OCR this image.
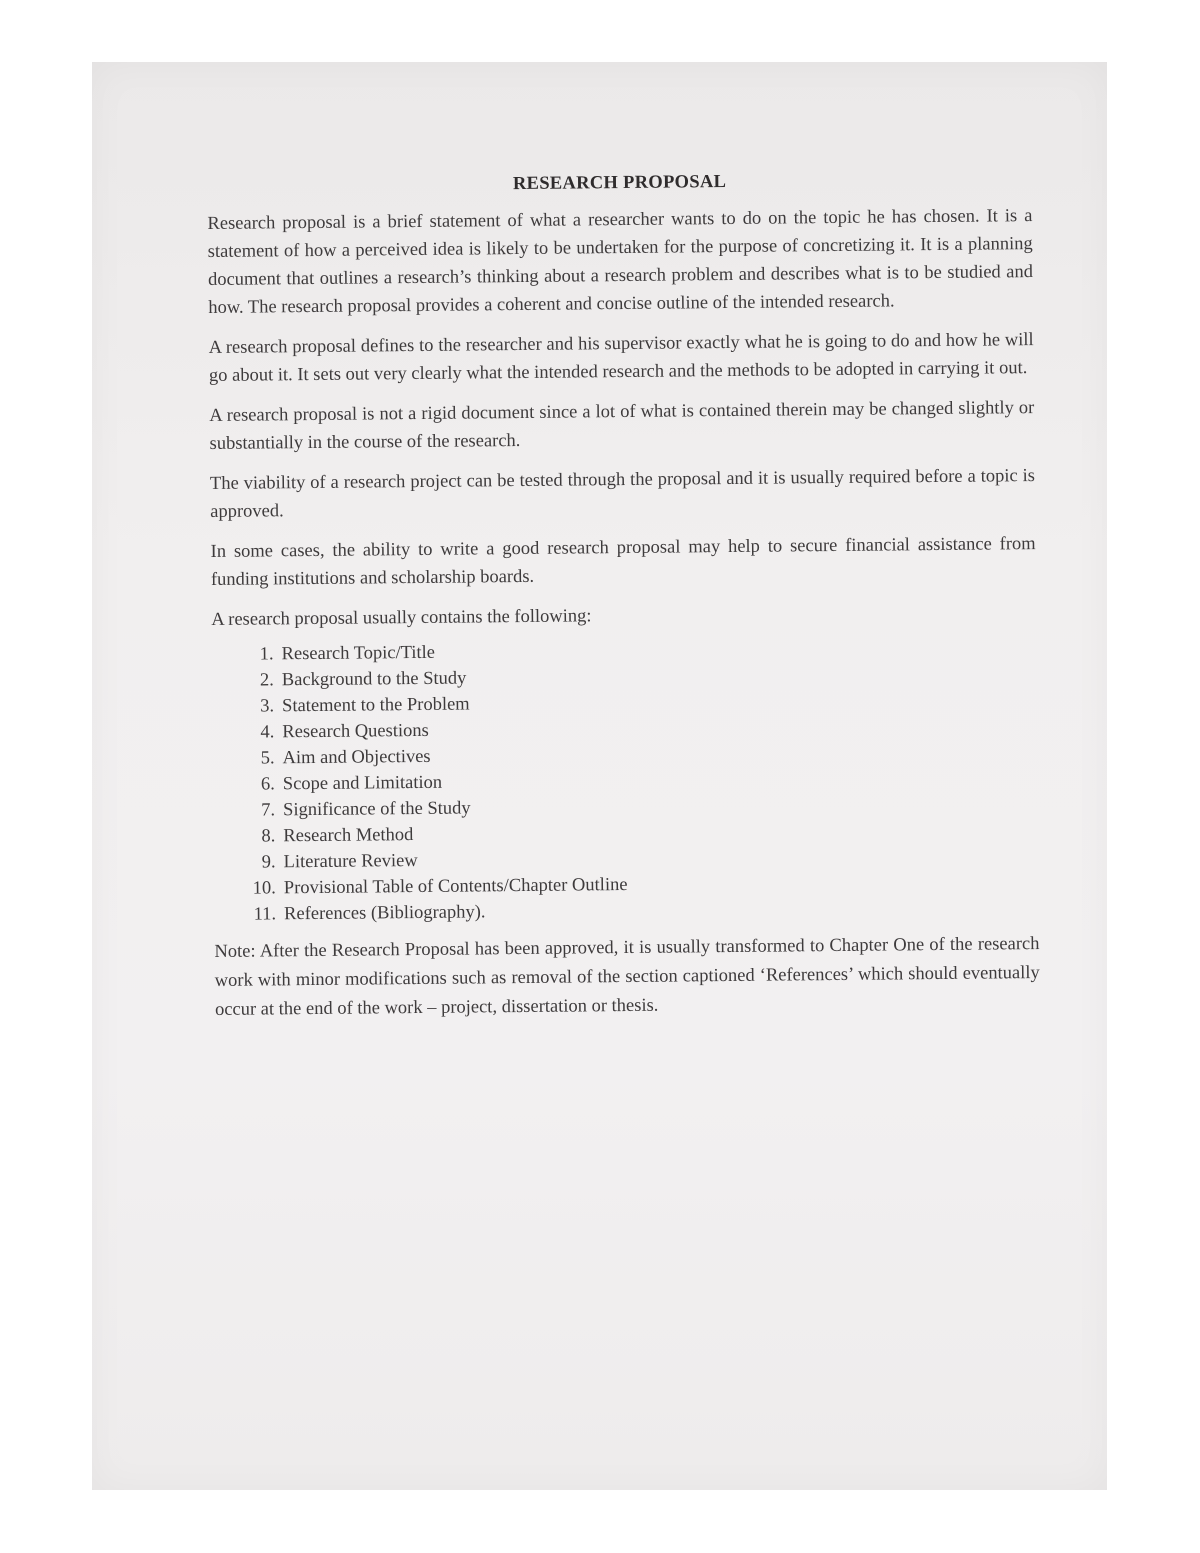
RESEARCH PROPOSAL

Research proposal is a brief statement of what a researcher wants to do on the topic he has chosen. It is a statement of how a perceived idea is likely to be undertaken for the purpose of concretizing it. It is a planning document that outlines a research’s thinking about a research problem and describes what is to be studied and how. The research proposal provides a coherent and concise outline of the intended research.

A research proposal defines to the researcher and his supervisor exactly what he is going to do and how he will go about it. It sets out very clearly what the intended research and the methods to be adopted in carrying it out.

A research proposal is not a rigid document since a lot of what is contained therein may be changed slightly or substantially in the course of the research.

The viability of a research project can be tested through the proposal and it is usually required before a topic is approved.

In some cases, the ability to write a good research proposal may help to secure financial assistance from funding institutions and scholarship boards.

A research proposal usually contains the following:

1. Research Topic/Title
2. Background to the Study
3. Statement to the Problem
4. Research Questions
5. Aim and Objectives
6. Scope and Limitation
7. Significance of the Study
8. Research Method
9. Literature Review
10. Provisional Table of Contents/Chapter Outline
11. References (Bibliography).

Note: After the Research Proposal has been approved, it is usually transformed to Chapter One of the research work with minor modifications such as removal of the section captioned ‘References’ which should eventually occur at the end of the work – project, dissertation or thesis.
